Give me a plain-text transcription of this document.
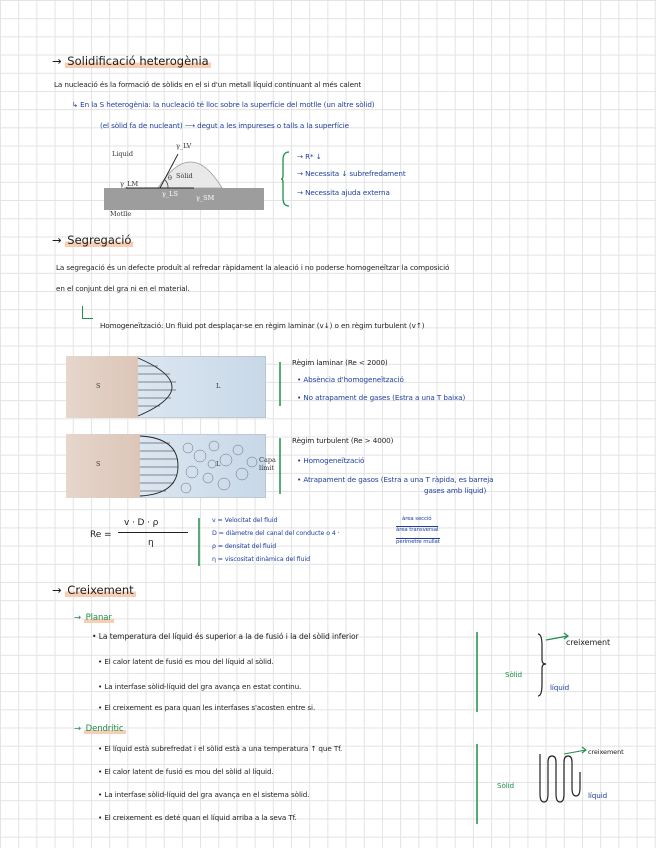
→ Solidificació heterogènia
La nucleació és la formació de sòlids en el si d'un metall líquid continuant al més calent
↳ En la S heterogènia: la nucleació té lloc sobre la superfície del motlle (un altre sòlid)
(el sòlid fa de nucleant) ⟶ degut a les impureses o talls a la superfície
Liquid
Sòlid
Motlle
γ_LV
γ_LM
γ_SM
γ_LS
θ
→ R* ↓
→ Necessita ↓ subrefredament
→ Necessita ajuda externa
→ Segregació
La segregació és un defecte produït al refredar ràpidament la aleació i no poderse homogeneïtzar la composició
en el conjunt del gra ni en el material.
Homogeneïtzació: Un fluid pot desplaçar-se en règim laminar (v↓) o en règim turbulent (v↑)
S	L
Règim laminar (Re < 2000)
• Absència d'homogeneïtzació
• No atrapament de gases (Estra a una T baixa)
S	L	Capa límit
Règim turbulent (Re > 4000)
• Homogeneïtzació
• Atrapament de gasos (Estra a una T ràpida, es barreja
gases amb líquid)
Re =
v · D · ρ
η
v = Velocitat del fluid
D = diàmetre del canal del conducte o 4 ·
àrea secció
àrea transversal
perímetre mullat
ρ = densitat del fluid
η = viscositat dinàmica del fluid
→ Creixement
→ Planar
• La temperatura del líquid és superior a la de fusió i la del sòlid inferior
• El calor latent de fusió es mou del líquid al sòlid.
• La interfase sòlid-líquid del gra avança en estat continu.
• El creixement es para quan les interfases s'acosten entre si.
creixement
Sòlid
líquid
→ Dendrític
• El líquid està subrefredat i el sòlid està a una temperatura ↑ que Tf.
• El calor latent de fusió es mou del sòlid al líquid.
• La interfase sòlid-líquid del gra avança en el sistema sòlid.
• El creixement es deté quan el líquid arriba a la seva Tf.
creixement
Sòlid
líquid
